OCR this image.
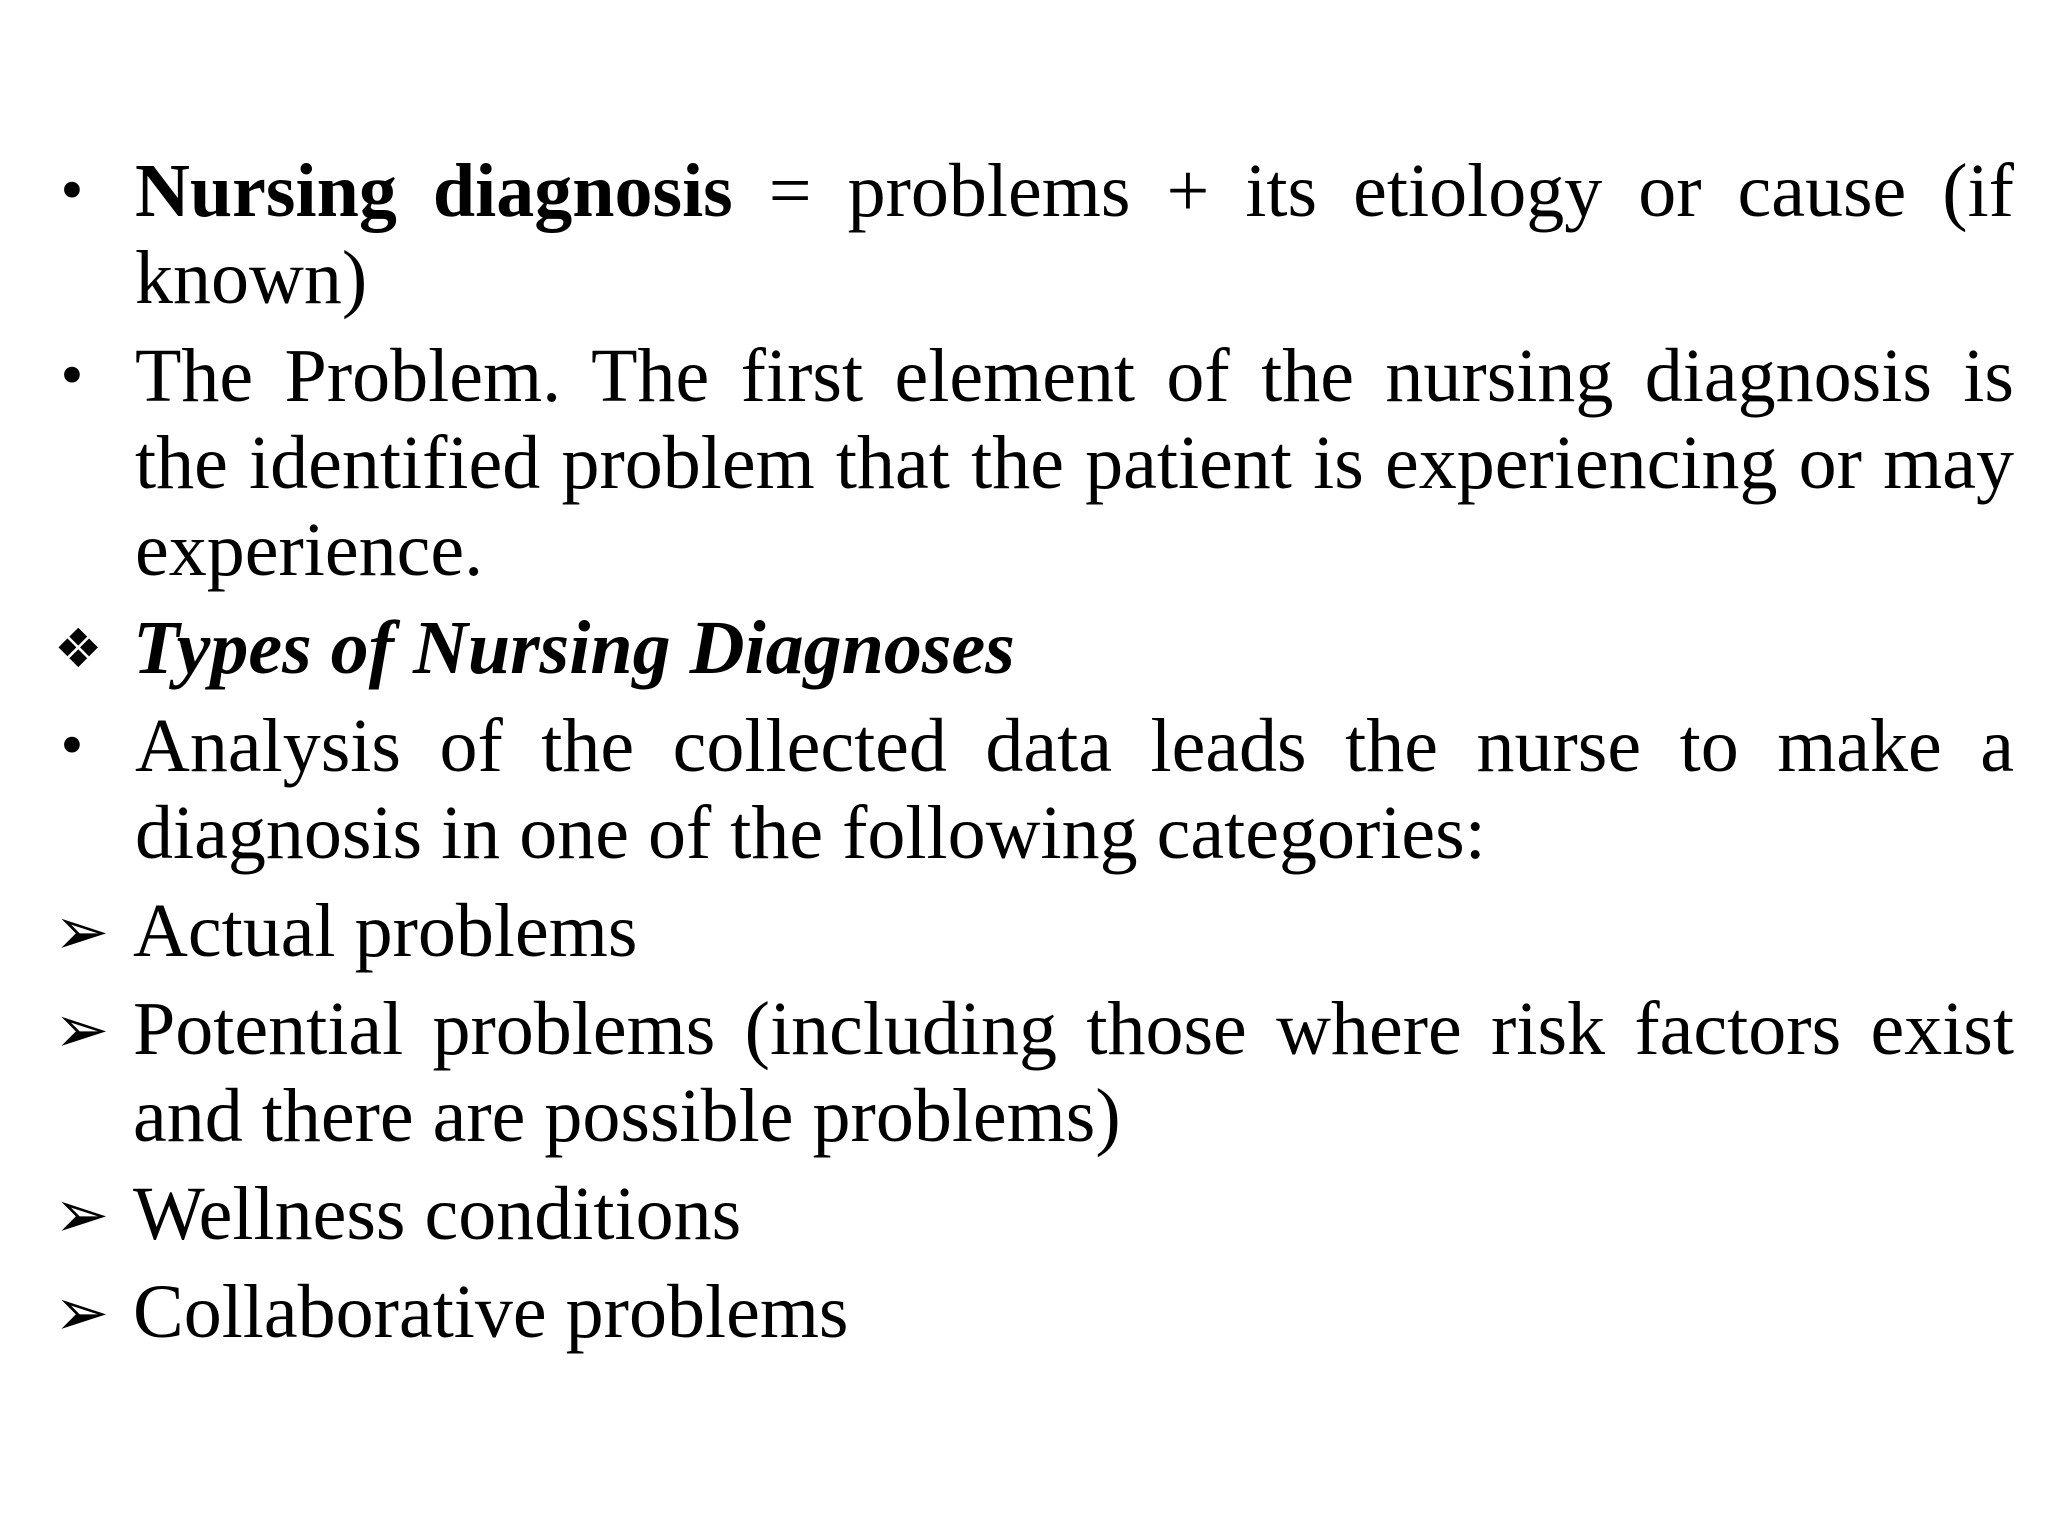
• Nursing diagnosis = problems + its etiology or cause (if known)
• The Problem. The first element of the nursing diagnosis is the identified problem that the patient is experiencing or may experience.
❖ Types of Nursing Diagnoses
• Analysis of the collected data leads the nurse to make a diagnosis in one of the following categories:
➢ Actual problems
➢ Potential problems (including those where risk factors exist and there are possible problems)
➢ Wellness conditions
➢ Collaborative problems
